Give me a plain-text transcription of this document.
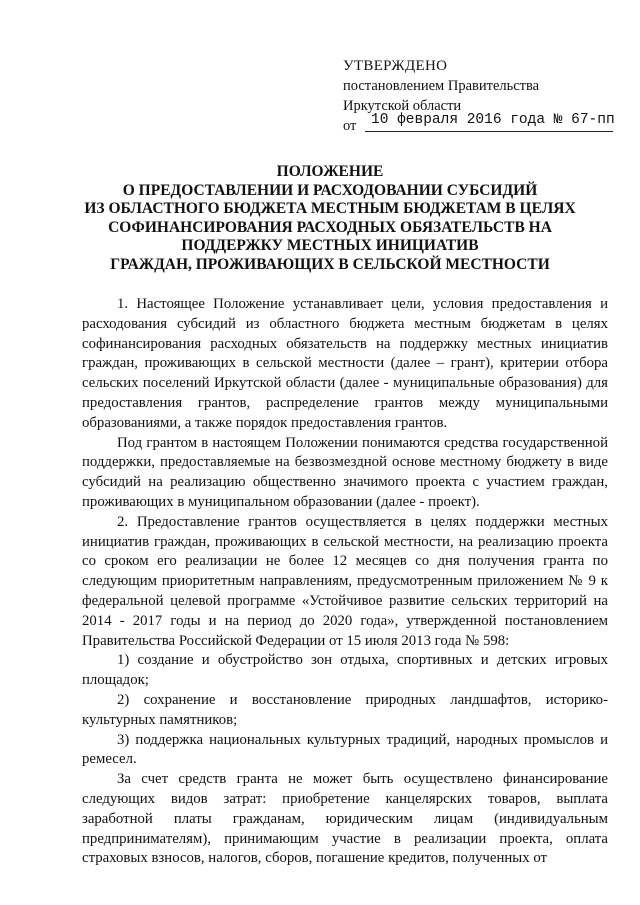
УТВЕРЖДЕНО
постановлением Правительства
Иркутской области
от 10 февраля 2016 года № 67-пп
ПОЛОЖЕНИЕ
О ПРЕДОСТАВЛЕНИИ И РАСХОДОВАНИИ СУБСИДИЙ
ИЗ ОБЛАСТНОГО БЮДЖЕТА МЕСТНЫМ БЮДЖЕТАМ В ЦЕЛЯХ
СОФИНАНСИРОВАНИЯ РАСХОДНЫХ ОБЯЗАТЕЛЬСТВ НА
ПОДДЕРЖКУ МЕСТНЫХ ИНИЦИАТИВ
ГРАЖДАН, ПРОЖИВАЮЩИХ В СЕЛЬСКОЙ МЕСТНОСТИ

1. Настоящее Положение устанавливает цели, условия предоставления и расходования субсидий из областного бюджета местным бюджетам в целях софинансирования расходных обязательств на поддержку местных инициатив граждан, проживающих в сельской местности (далее – грант), критерии отбора сельских поселений Иркутской области (далее - муниципальные образования) для предоставления грантов, распределение грантов между муниципальными образованиями, а также порядок предоставления грантов.

Под грантом в настоящем Положении понимаются средства государственной поддержки, предоставляемые на безвозмездной основе местному бюджету в виде субсидий на реализацию общественно значимого проекта с участием граждан, проживающих в муниципальном образовании (далее - проект).

2. Предоставление грантов осуществляется в целях поддержки местных инициатив граждан, проживающих в сельской местности, на реализацию проекта со сроком его реализации не более 12 месяцев со дня получения гранта по следующим приоритетным направлениям, предусмотренным приложением № 9 к федеральной целевой программе «Устойчивое развитие сельских территорий на 2014 - 2017 годы и на период до 2020 года», утвержденной постановлением Правительства Российской Федерации от 15 июля 2013 года № 598:

1) создание и обустройство зон отдыха, спортивных и детских игровых площадок;

2) сохранение и восстановление природных ландшафтов, историко-культурных памятников;

3) поддержка национальных культурных традиций, народных промыслов и ремесел.

За счет средств гранта не может быть осуществлено финансирование следующих видов затрат: приобретение канцелярских товаров, выплата заработной платы гражданам, юридическим лицам (индивидуальным предпринимателям), принимающим участие в реализации проекта, оплата страховых взносов, налогов, сборов, погашение кредитов, полученных от
